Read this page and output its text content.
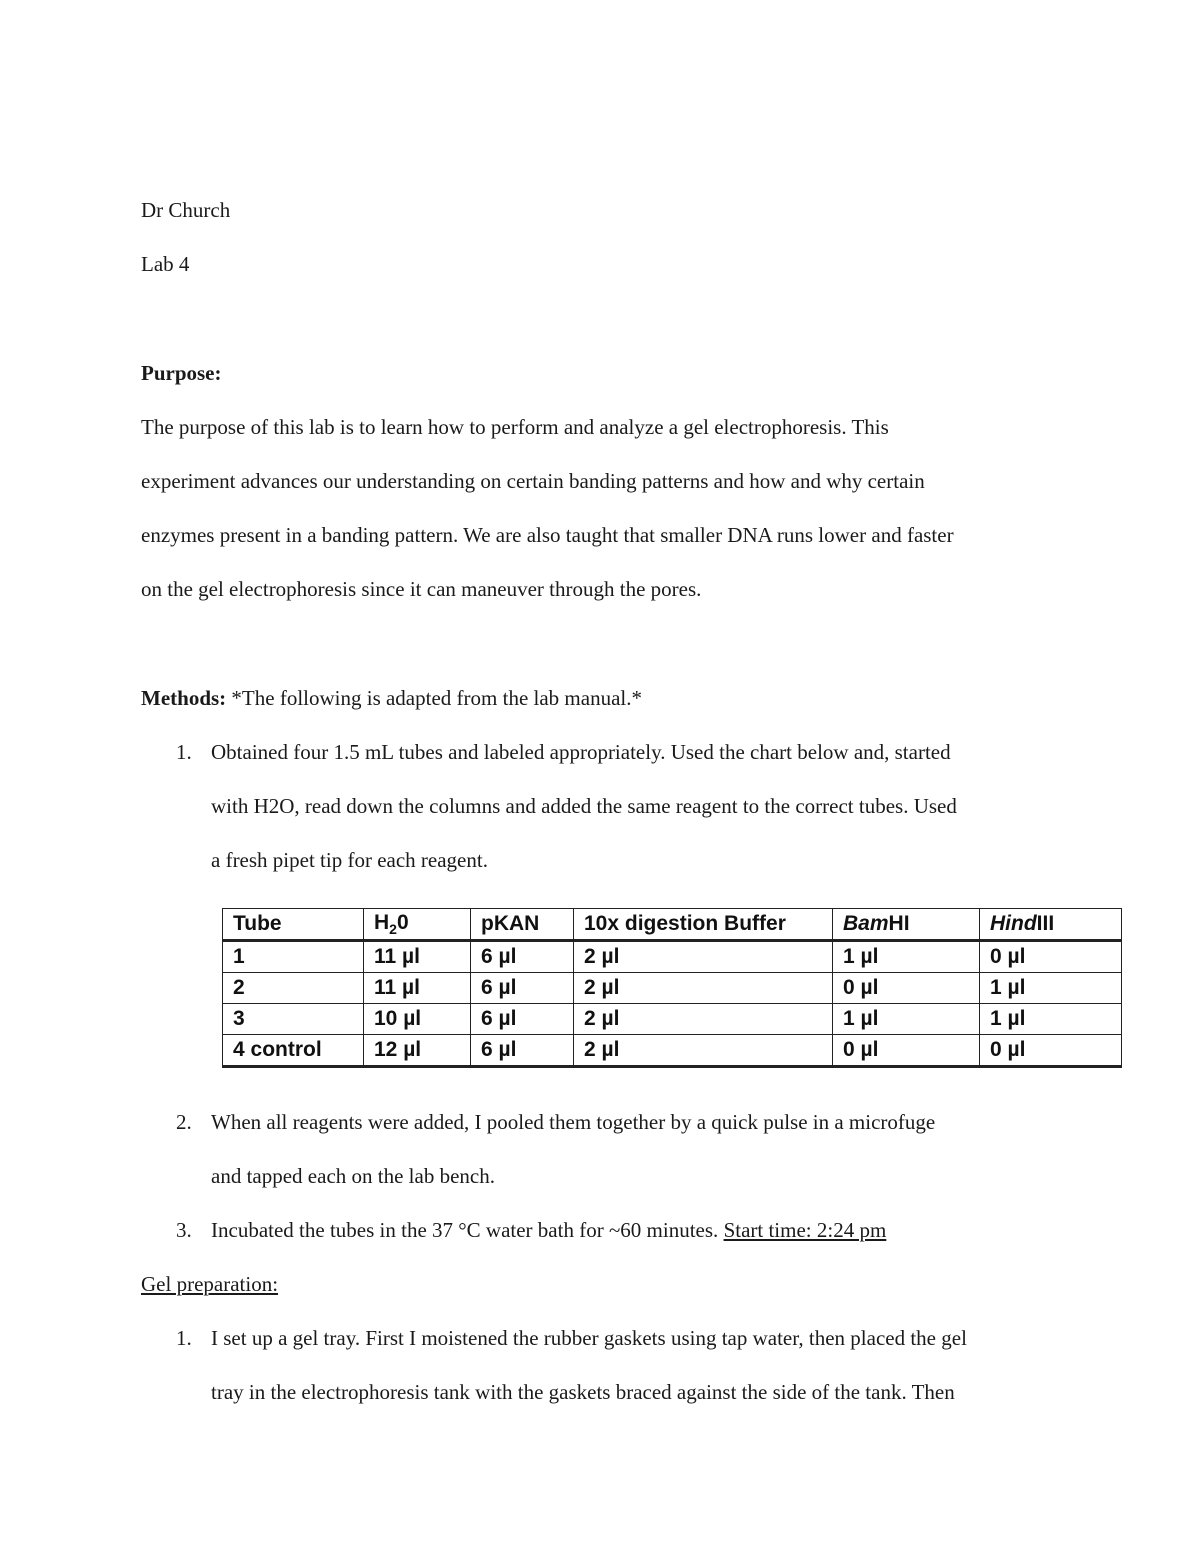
Dr Church
Lab 4
Purpose:
The purpose of this lab is to learn how to perform and analyze a gel electrophoresis. This
experiment advances our understanding on certain banding patterns and how and why certain
enzymes present in a banding pattern. We are also taught that smaller DNA runs lower and faster
on the gel electrophoresis since it can maneuver through the pores.
Methods: *The following is adapted from the lab manual.*
1. Obtained four 1.5 mL tubes and labeled appropriately. Used the chart below and, started
with H2O, read down the columns and added the same reagent to the correct tubes. Used
a fresh pipet tip for each reagent.
Tube	$H_20$	pKAN	10x digestion Buffer	BamHI	HindIII
1	11 µl	6 µl	2 µl	1 µl	0 µl
2	11 µl	6 µl	2 µl	0 µl	1 µl
3	10 µl	6 µl	2 µl	1 µl	1 µl
4 control	12 µl	6 µl	2 µl	0 µl	0 µl
2. When all reagents were added, I pooled them together by a quick pulse in a microfuge
and tapped each on the lab bench.
3. Incubated the tubes in the 37 °C water bath for ~60 minutes. Start time: 2:24 pm
Gel preparation:
1. I set up a gel tray. First I moistened the rubber gaskets using tap water, then placed the gel
tray in the electrophoresis tank with the gaskets braced against the side of the tank. Then
